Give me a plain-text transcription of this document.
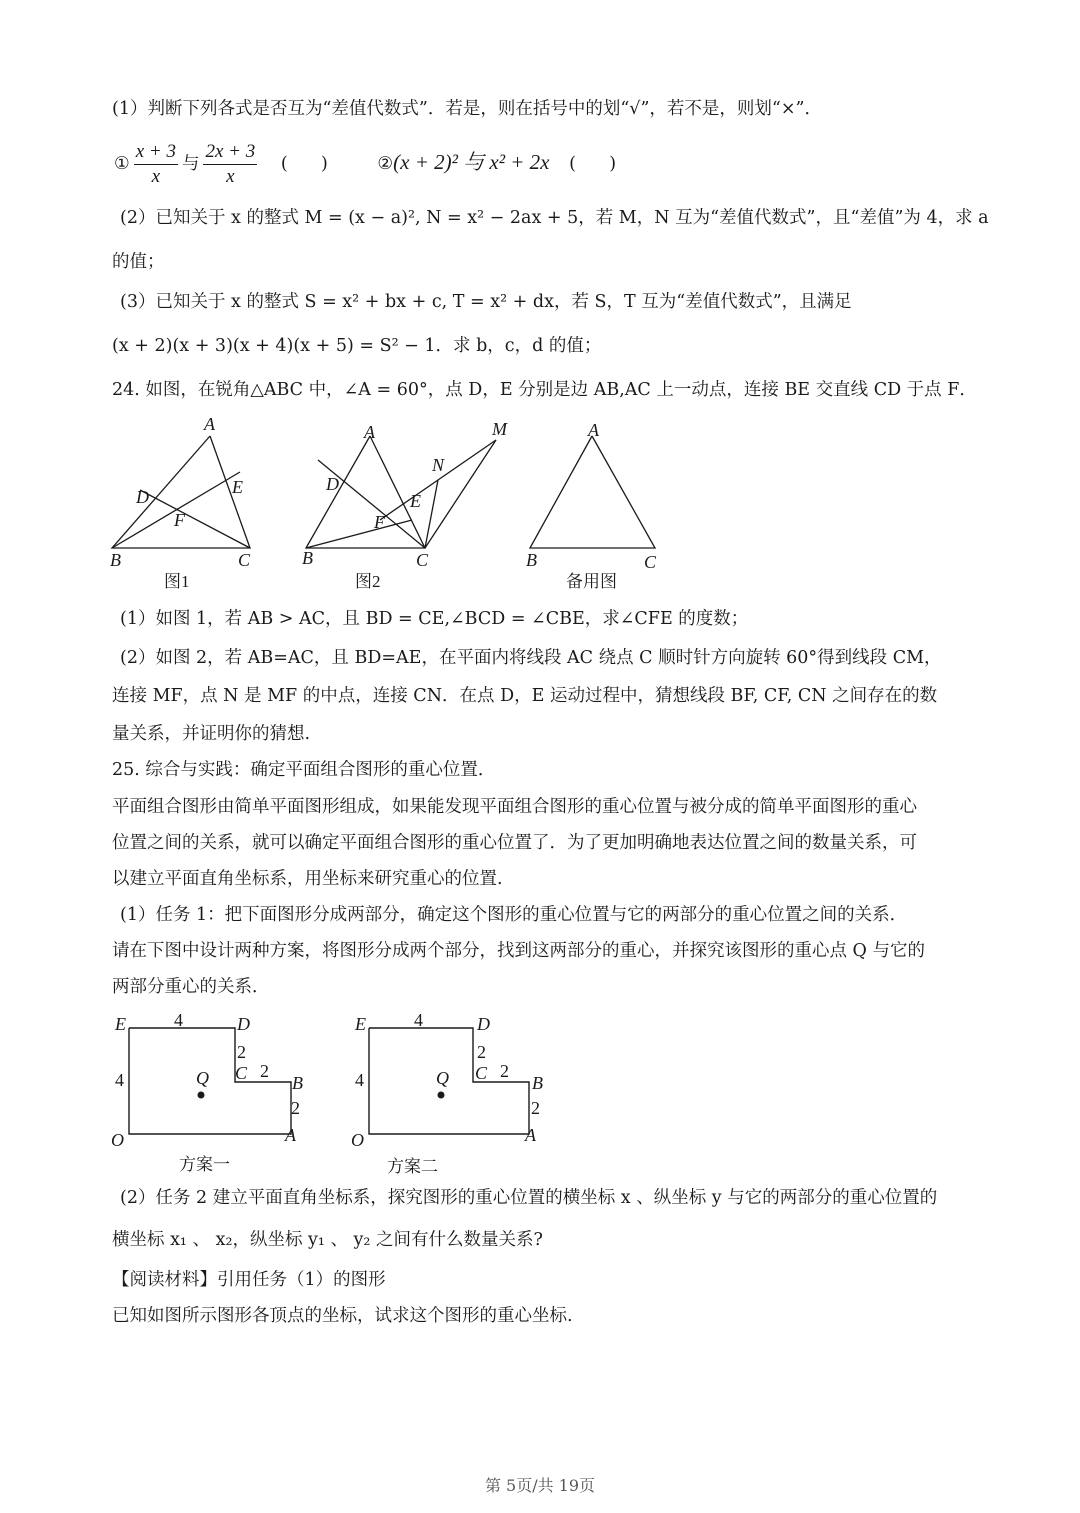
(1）判断下列各式是否互为“差值代数式”．若是，则在括号中的划“√”，若不是，则划“×”．
① $\frac{x + 3}{x}$ 与 $\frac{2x + 3}{x}$ (      )	②(x + 2)² 与 x² + 2x (      )
(2）已知关于 x 的整式 M = (x − a)², N = x² − 2ax + 5，若 M，N 互为“差值代数式”，且“差值”为 4，求 a
的值；
(3）已知关于 x 的整式 S = x² + bx + c, T = x² + dx，若 S，T 互为“差值代数式”，且满足
(x + 2)(x + 3)(x + 4)(x + 5) = S² − 1．求 b，c，d 的值；
24. 如图，在锐角△ABC 中，∠A = 60°，点 D，E 分别是边 AB,AC 上一动点，连接 BE 交直线 CD 于点 F．
A
D	E
F
B	C
A
D
E
F
N
M
B	C
A
B	C
图1	图2	备用图
(1）如图 1，若 AB > AC，且 BD = CE,∠BCD = ∠CBE，求∠CFE 的度数；
(2）如图 2，若 AB=AC，且 BD=AE，在平面内将线段 AC 绕点 C 顺时针方向旋转 60°得到线段 CM，
连接 MF，点 N 是 MF 的中点，连接 CN．在点 D，E 运动过程中，猜想线段 BF, CF, CN 之间存在的数
量关系，并证明你的猜想.
25. 综合与实践：确定平面组合图形的重心位置．
平面组合图形由简单平面图形组成，如果能发现平面组合图形的重心位置与被分成的简单平面图形的重心
位置之间的关系，就可以确定平面组合图形的重心位置了．为了更加明确地表达位置之间的数量关系，可
以建立平面直角坐标系，用坐标来研究重心的位置.
(1）任务 1：把下面图形分成两部分，确定这个图形的重心位置与它的两部分的重心位置之间的关系．
请在下图中设计两种方案，将图形分成两个部分，找到这两部分的重心，并探究该图形的重心点 Q 与它的
两部分重心的关系．
E	4	D
2
C 2
B
2
A
4
O
Q
E	4	D
2
C 2
B
2
A
4
O
Q
方案一	方案二
(2）任务 2 建立平面直角坐标系，探究图形的重心位置的横坐标 x 、纵坐标 y 与它的两部分的重心位置的
横坐标 x₁ 、 x₂，纵坐标 y₁ 、 y₂ 之间有什么数量关系?
【阅读材料】引用任务（1）的图形
已知如图所示图形各顶点的坐标，试求这个图形的重心坐标.
第 5页/共 19页
